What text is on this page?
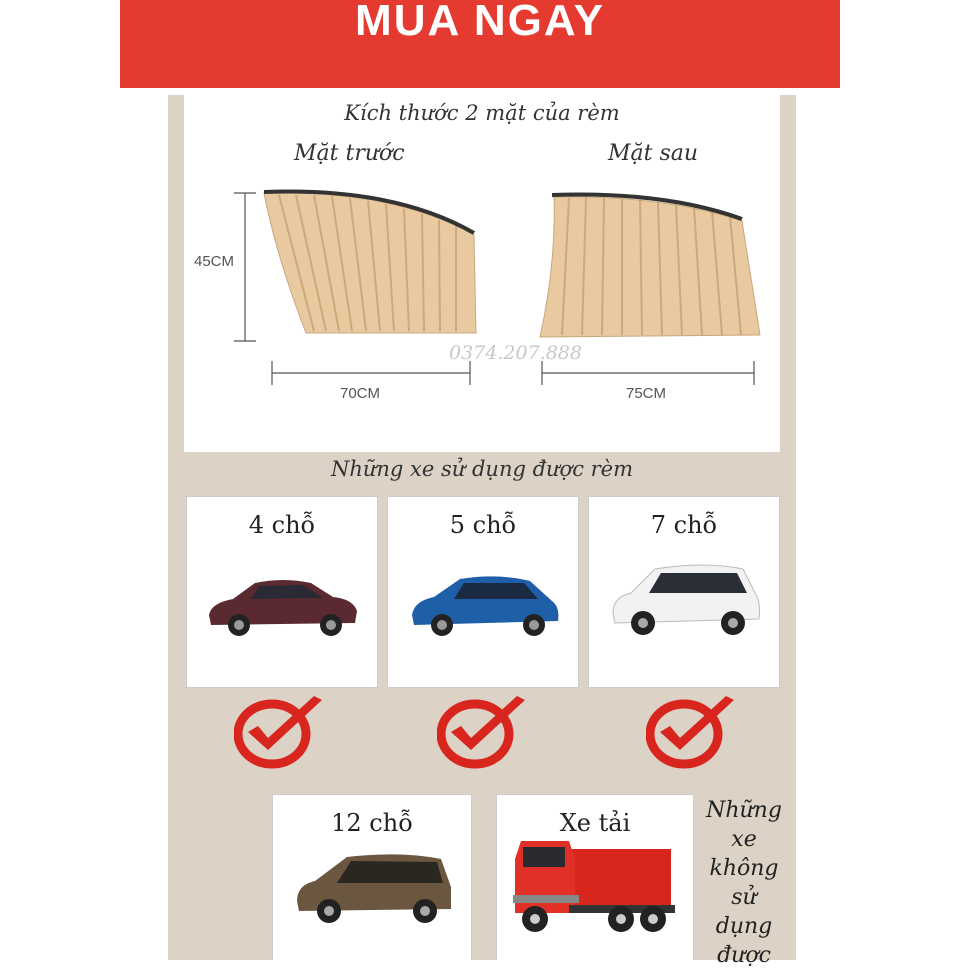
MUA NGAY
Kích thước 2 mặt của rèm
Mặt trước	Mặt sau
45CM
70CM	75CM
0374.207.888
Những xe sử dụng được rèm
4 chỗ	5 chỗ	7 chỗ
12 chỗ	Xe tải	Những
xe
không
sử
dụng
được
